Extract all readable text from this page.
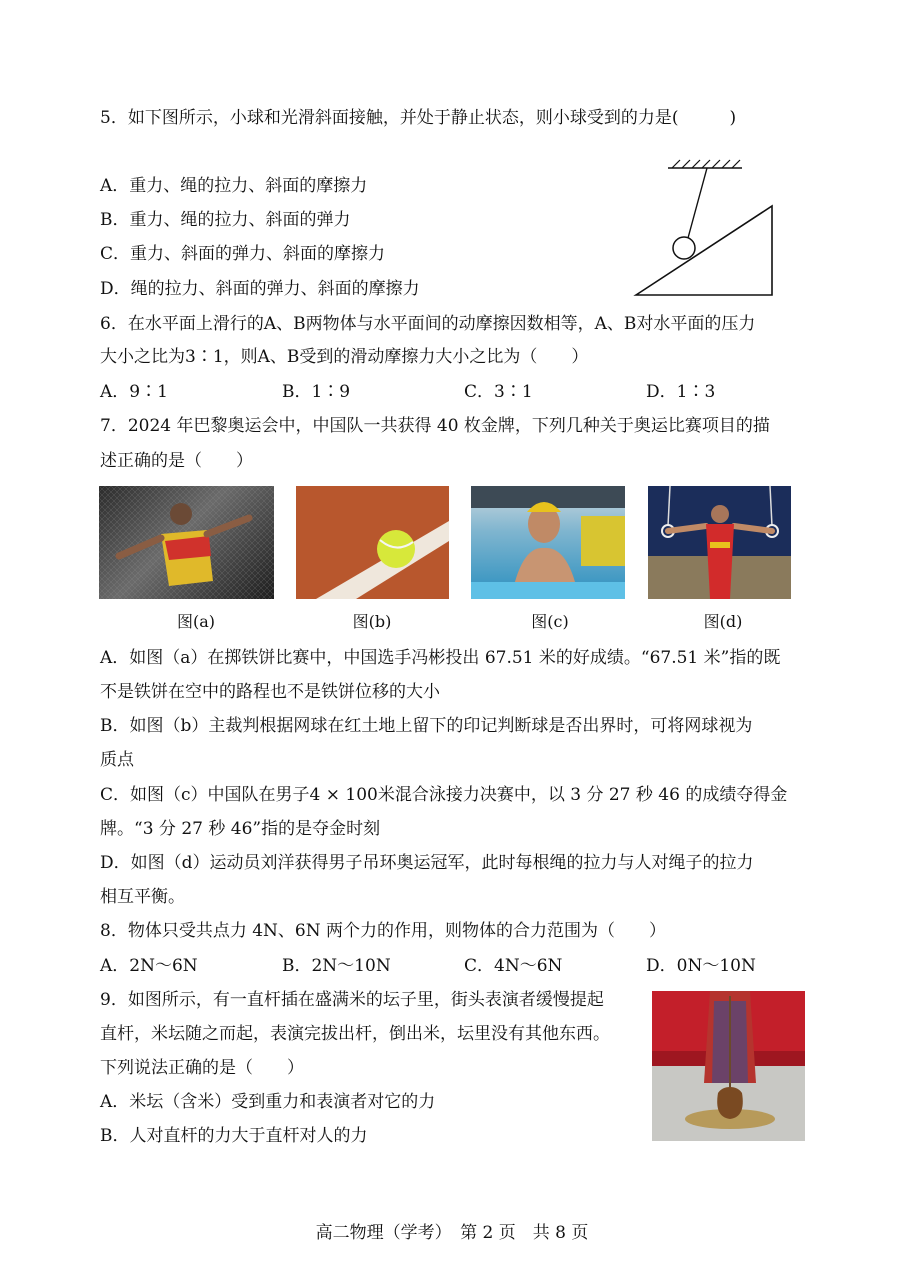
5．如下图所示，小球和光滑斜面接触，并处于静止状态，则小球受到的力是(　　　)
A．重力、绳的拉力、斜面的摩擦力
B．重力、绳的拉力、斜面的弹力
C．重力、斜面的弹力、斜面的摩擦力
D．绳的拉力、斜面的弹力、斜面的摩擦力
6．在水平面上滑行的A、B两物体与水平面间的动摩擦因数相等，A、B对水平面的压力
大小之比为3∶1，则A、B受到的滑动摩擦力大小之比为（　　）
A．9∶1	B．1∶9	C．3∶1	D．1∶3
7．2024 年巴黎奥运会中，中国队一共获得 40 枚金牌，下列几种关于奥运比赛项目的描
述正确的是（　　）
图(a)	图(b)	图(c)	图(d)
A．如图（a）在掷铁饼比赛中，中国选手冯彬投出 67.51 米的好成绩。“67.51 米”指的既
不是铁饼在空中的路程也不是铁饼位移的大小
B．如图（b）主裁判根据网球在红土地上留下的印记判断球是否出界时，可将网球视为
质点
C．如图（c）中国队在男子4 × 100米混合泳接力决赛中，以 3 分 27 秒 46 的成绩夺得金
牌。“3 分 27 秒 46”指的是夺金时刻
D．如图（d）运动员刘洋获得男子吊环奥运冠军，此时每根绳的拉力与人对绳子的拉力
相互平衡。
8．物体只受共点力 4N、6N 两个力的作用，则物体的合力范围为（　　）
A．2N～6N	B．2N～10N	C．4N～6N	D．0N～10N
9．如图所示，有一直杆插在盛满米的坛子里，街头表演者缓慢提起
直杆，米坛随之而起，表演完拔出杆，倒出米，坛里没有其他东西。
下列说法正确的是（　　）
A．米坛（含米）受到重力和表演者对它的力
B．人对直杆的力大于直杆对人的力
高二物理（学考）　第 2 页　共 8 页
